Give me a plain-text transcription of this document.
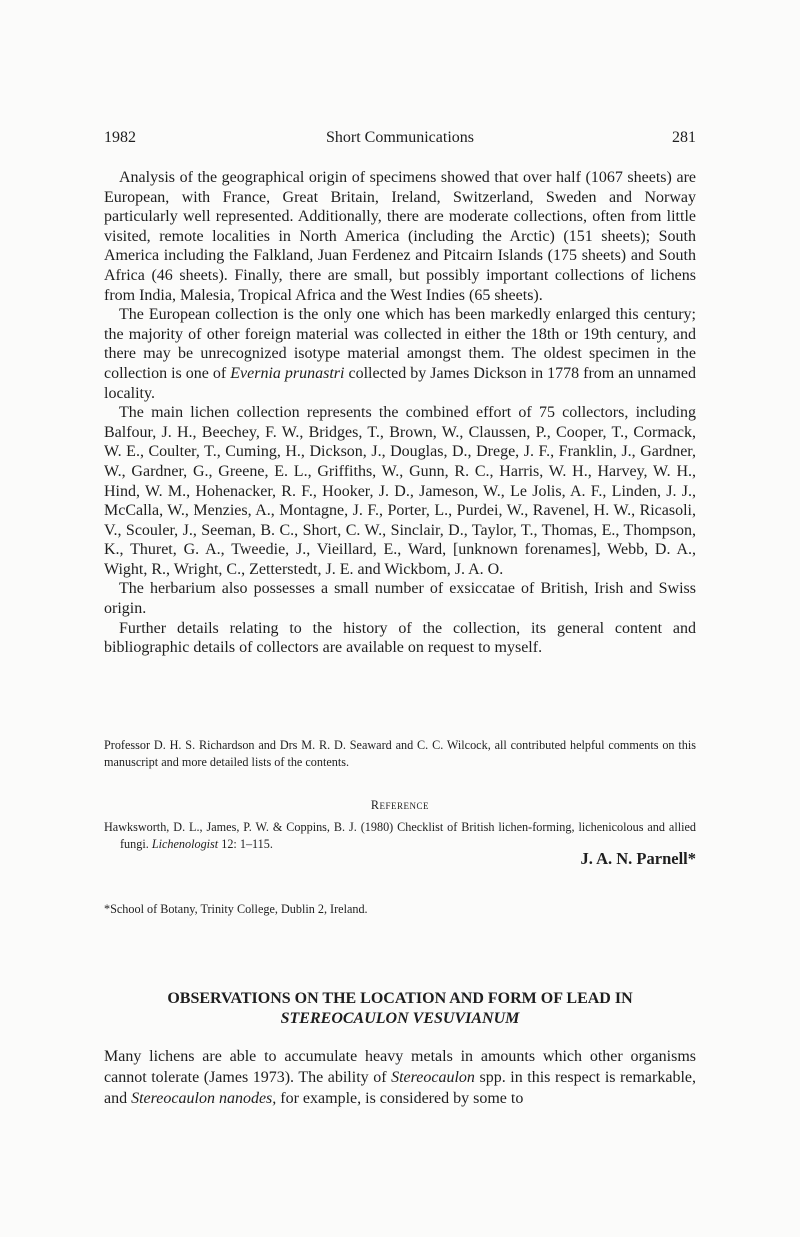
1982	Short Communications	281

Analysis of the geographical origin of specimens showed that over half (1067 sheets) are European, with France, Great Britain, Ireland, Switzerland, Sweden and Norway particularly well represented. Additionally, there are moderate collections, often from little visited, remote localities in North America (including the Arctic) (151 sheets); South America including the Falkland, Juan Ferdenez and Pitcairn Islands (175 sheets) and South Africa (46 sheets). Finally, there are small, but possibly important collections of lichens from India, Malesia, Tropical Africa and the West Indies (65 sheets).

The European collection is the only one which has been markedly enlarged this century; the majority of other foreign material was collected in either the 18th or 19th century, and there may be unrecognized isotype material amongst them. The oldest specimen in the collection is one of Evernia prunastri collected by James Dickson in 1778 from an unnamed locality.

The main lichen collection represents the combined effort of 75 collectors, including Balfour, J. H., Beechey, F. W., Bridges, T., Brown, W., Claussen, P., Cooper, T., Cormack, W. E., Coulter, T., Cuming, H., Dickson, J., Douglas, D., Drege, J. F., Franklin, J., Gardner, W., Gardner, G., Greene, E. L., Griffiths, W., Gunn, R. C., Harris, W. H., Harvey, W. H., Hind, W. M., Hohenacker, R. F., Hooker, J. D., Jameson, W., Le Jolis, A. F., Linden, J. J., McCalla, W., Menzies, A., Montagne, J. F., Porter, L., Purdei, W., Ravenel, H. W., Ricasoli, V., Scouler, J., Seeman, B. C., Short, C. W., Sinclair, D., Taylor, T., Thomas, E., Thompson, K., Thuret, G. A., Tweedie, J., Vieillard, E., Ward, [unknown forenames], Webb, D. A., Wight, R., Wright, C., Zetterstedt, J. E. and Wickbom, J. A. O.

The herbarium also possesses a small number of exsiccatae of British, Irish and Swiss origin.

Further details relating to the history of the collection, its general content and bibliographic details of collectors are available on request to myself.

Professor D. H. S. Richardson and Drs M. R. D. Seaward and C. C. Wilcock, all contributed helpful comments on this manuscript and more detailed lists of the contents.
Reference
Hawksworth, D. L., James, P. W. & Coppins, B. J. (1980) Checklist of British lichen-forming, lichenicolous and allied fungi. Lichenologist 12: 1–115.
J. A. N. Parnell*
*School of Botany, Trinity College, Dublin 2, Ireland.
OBSERVATIONS ON THE LOCATION AND FORM OF LEAD IN
STEREOCAULON VESUVIANUM
Many lichens are able to accumulate heavy metals in amounts which other organisms cannot tolerate (James 1973). The ability of Stereocaulon spp. in this respect is remarkable, and Stereocaulon nanodes, for example, is considered by some to
